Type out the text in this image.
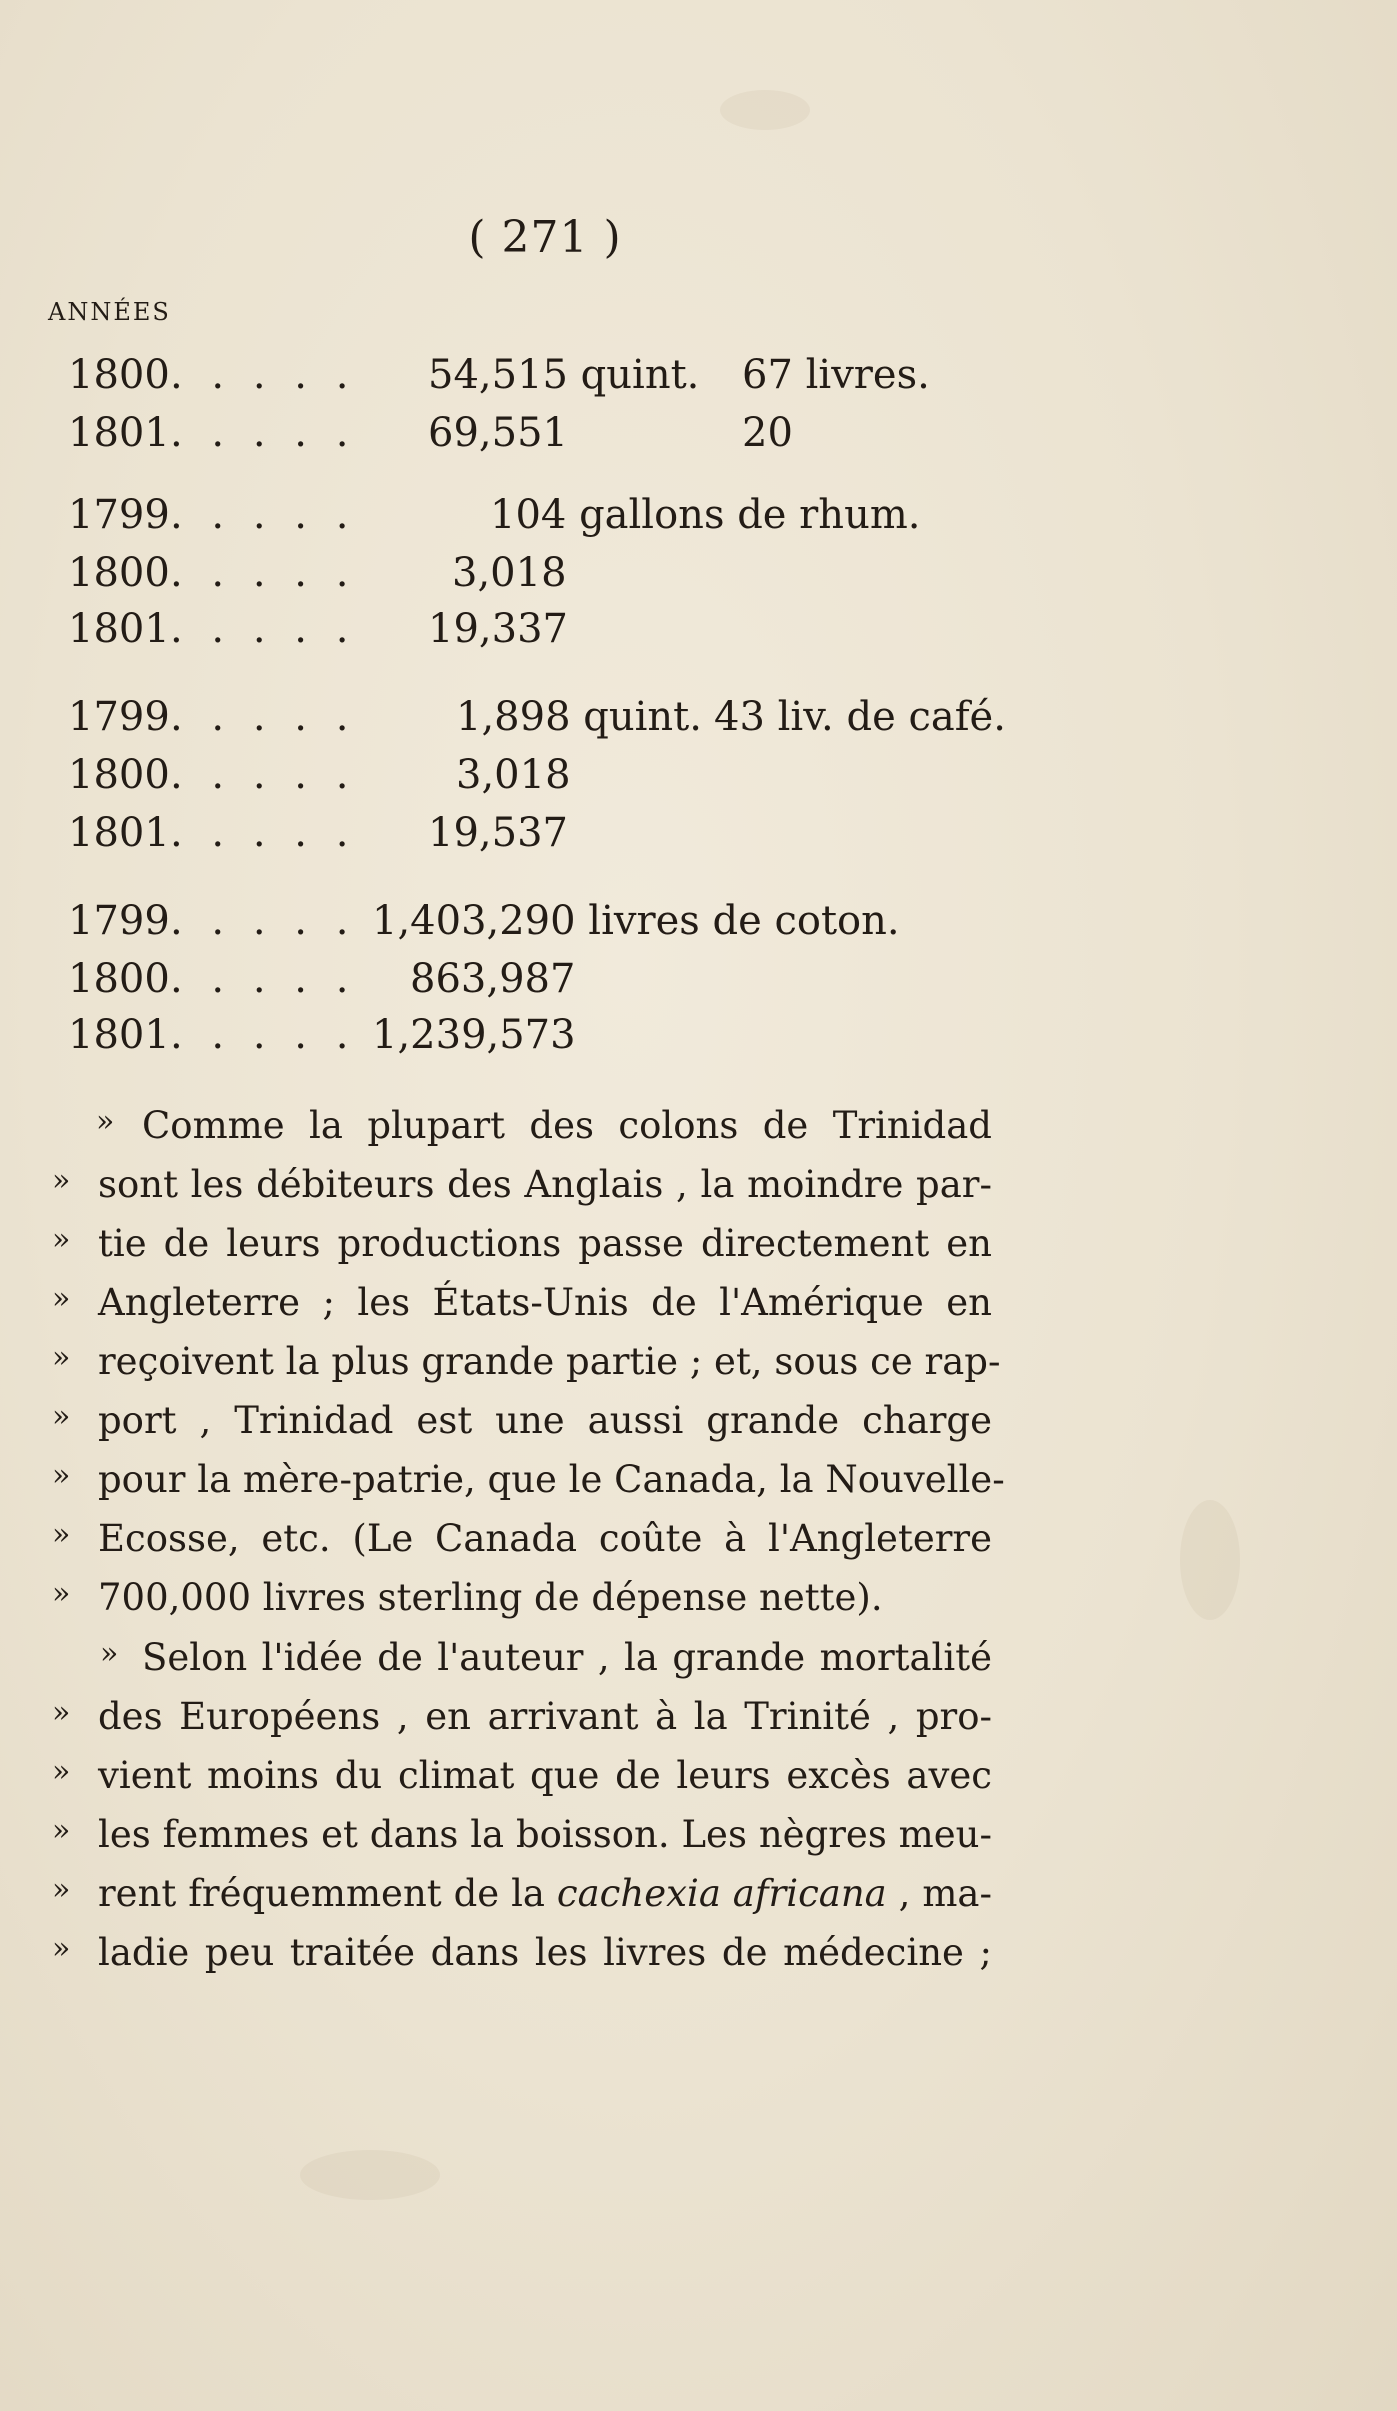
( 271 )
ANNÉES
1800 . . . . . 54,515 quint. 67 livres.
1801 . . . . . 69,551	20
1799 . . . . .	104 gallons de rhum.
1800 . . . . . 3,018
1801 . . . . . 19,337
1799 . . . . . 1,898 quint. 43 liv. de café.
1800 . . . . . 3,018
1801 . . . . . 19,537
1799 . . . . . 1,403,290 livres de coton.
1800 . . . . . 863,987
1801 . . . . . 1,239,573
» Comme la plupart des colons de Trinidad
» sont les débiteurs des Anglais , la moindre par-
» tie de leurs productions passe directement en
» Angleterre ; les États-Unis de l'Amérique en
» reçoivent la plus grande partie ; et, sous ce rap-
» port , Trinidad est une aussi grande charge
» pour la mère-patrie, que le Canada, la Nouvelle-
» Ecosse, etc. (Le Canada coûte à l'Angleterre
» 700,000 livres sterling de dépense nette).
» Selon l'idée de l'auteur , la grande mortalité
» des Européens , en arrivant à la Trinité , pro-
» vient moins du climat que de leurs excès avec
» les femmes et dans la boisson. Les nègres meu-
» rent fréquemment de la cachexia africana , ma-
» ladie peu traitée dans les livres de médecine ;
